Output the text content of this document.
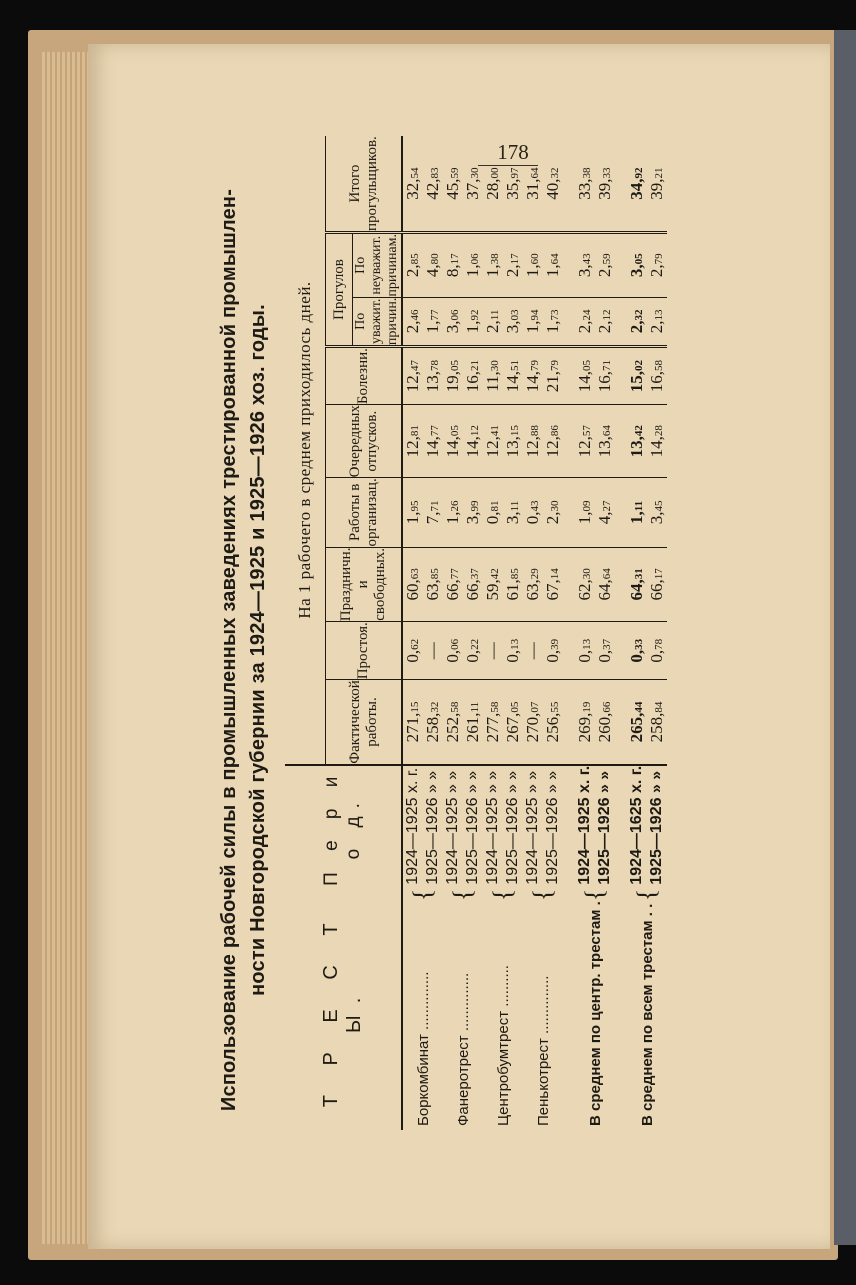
178
Использование рабочей силы в промышленных заведениях трестированной промышлен- ности Новгородской губернии за 1924—1925 и 1925—1926 хоз. годы.
Т Р Е С Т Ы.		П е р и о д.	На 1 рабочего в среднем приходилось дней.								
			Фактической работы.	Простоя.	Праздничн. и свободных.	Работы в организац.	Очередных отпусков.	Болезни.	Прогулов		Итого прогульщиков.
									По уважит. причин.	По неуважит. причинам.	
Боркомбинат ..............	{	1924—1925 х. г.	271,15	0,62	60,63	1,95	12,81	12,47	2,46	2,85	32,54
		1925—1926 » »	258,32	—	63,85	7,71	14,77	13,78	1,77	4,80	42,83
Фанеротрест ..............	{	1924—1925 » »	252,58	0,06	66,77	1,26	14,05	19,05	3,06	8,17	45,59
		1925—1926 » »	261,11	0,22	66,37	3,99	14,12	16,21	1,92	1,06	37,30
Центробумтрест ..........	{	1924—1925 » »	277,58	—	59,42	0,81	12,41	11,30	2,11	1,38	28,00
		1925—1926 » »	267,05	0,13	61,85	3,11	13,15	14,51	3,03	2,17	35,97
Пенькотрест ..............	{	1924—1925 » »	270,07	—	63,29	0,43	12,88	14,79	1,94	1,60	31,64
		1925—1926 » »	256,55	0,39	67,14	2,30	12,86	21,79	1,73	1,64	40,32

В среднем по центр. трестам .	{	1924—1925 х. г.	269,19	0,13	62,30	1,09	12,57	14,05	2,24	3,43	33,38
		1925—1926 » »	260,66	0,37	64,64	4,27	13,64	16,71	2,12	2,59	39,33

В среднем по всем трестам . .	{	1924—1625 х. г.	265,44	0,33	64,31	1,11	13,42	15,02	2,32	3,05	34,92
		1925—1926 » »	258,84	0,78	66,17	3,45	14,28	16,58	2,13	2,79	39,21
